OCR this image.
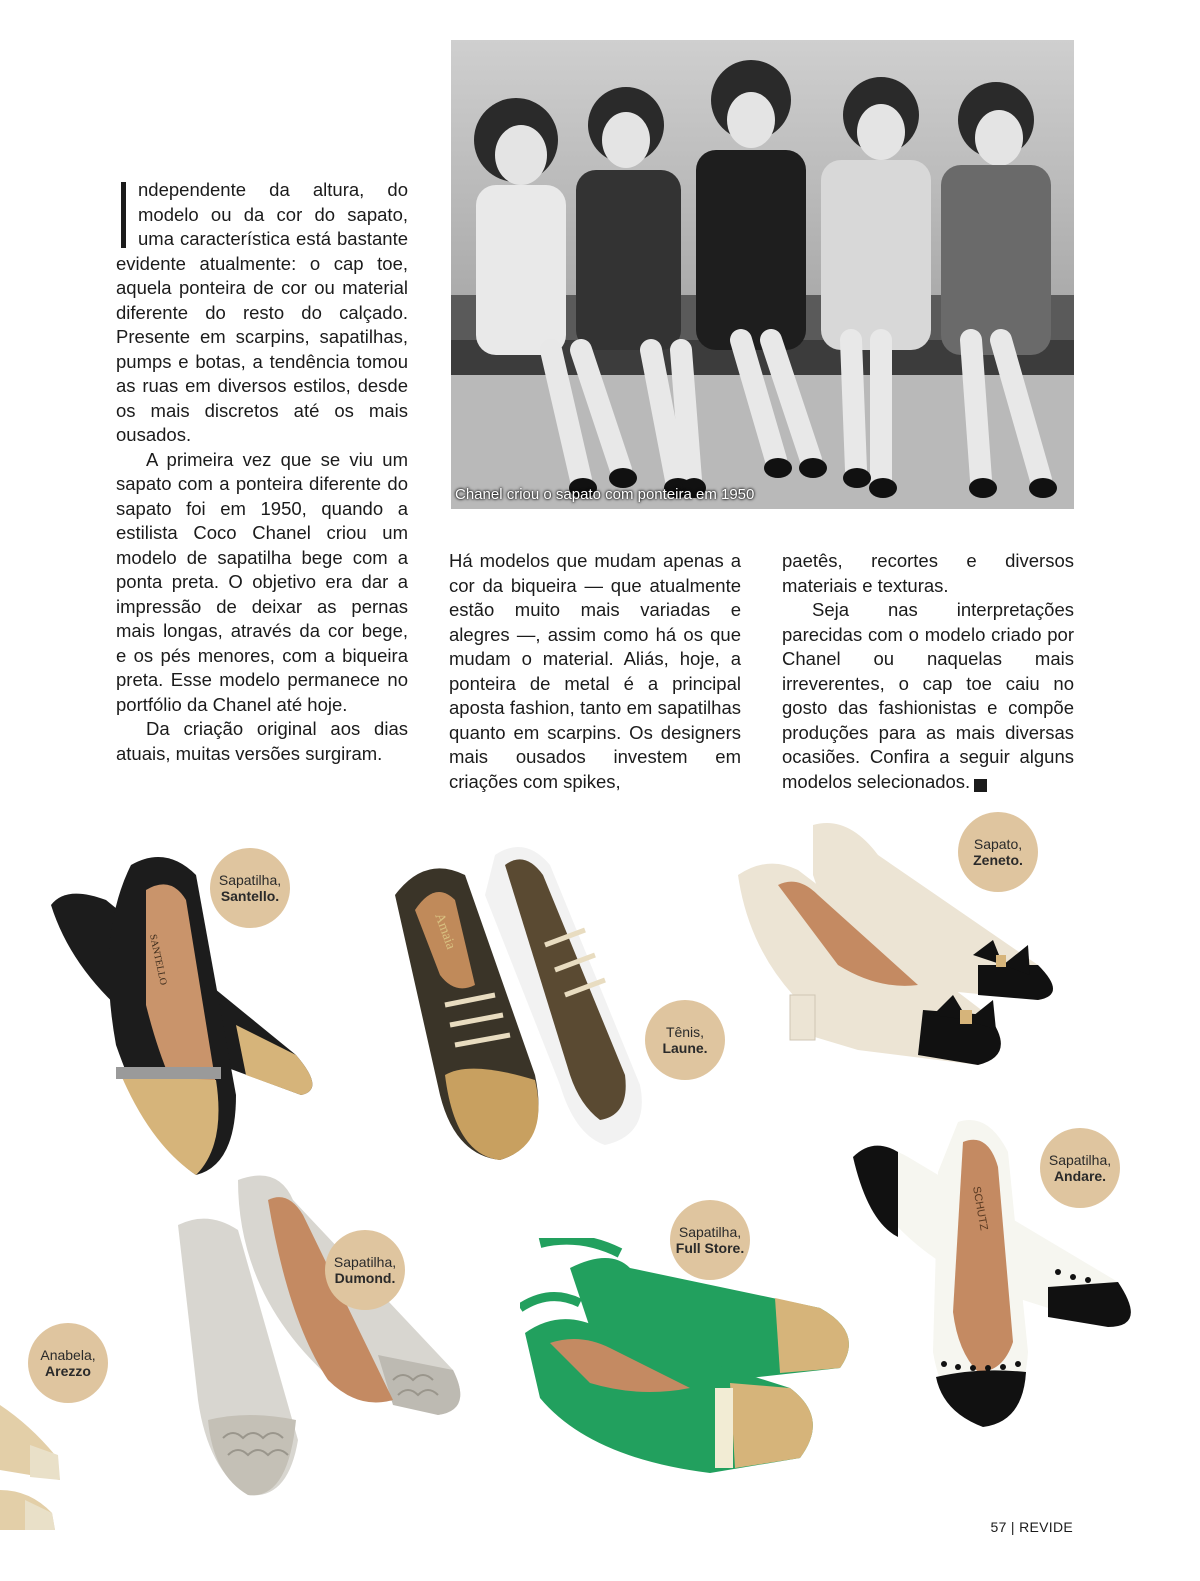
ndependente da altura, do modelo ou da cor do sapato, uma característica está bastante evidente atualmente: o cap toe, aquela ponteira de cor ou material diferente do resto do calçado. Presente em scarpins, sapatilhas, pumps e botas, a tendência tomou as ruas em diversos estilos, desde os mais discretos até os mais ousados.

A primeira vez que se viu um sapato com a ponteira diferente do sapato foi em 1950, quando a estilista Coco Chanel criou um modelo de sapatilha bege com a ponta preta. O objetivo era dar a impressão de deixar as pernas mais longas, através da cor bege, e os pés menores, com a biqueira preta. Esse modelo permanece no portfólio da Chanel até hoje.

Da criação original aos dias atuais, muitas versões surgiram.

Há modelos que mudam apenas a cor da biqueira — que atualmente estão muito mais variadas e alegres —, assim como há os que mudam o material. Aliás, hoje, a ponteira de metal é a principal aposta fashion, tanto em sapatilhas quanto em scarpins. Os designers mais ousados investem em criações com spikes,

paetês, recortes e diversos materiais e texturas.

Seja nas interpretações parecidas com o modelo criado por Chanel ou naquelas mais irreverentes, o cap toe caiu no gosto das fashionistas e compõe produções para as mais diversas ocasiões. Confira a seguir alguns modelos selecionados.	r

Chanel criou o sapato com ponteira em 1950
SANTELLO
Amaia
SCHUTZ
Sapatilha,
Santello.
Tênis,
Laune.
Sapato,
Zeneto.
Sapatilha,
Andare.
Sapatilha,
Full Store.
Sapatilha,
Dumond.
Anabela,
Arezzo
57 | REVIDE
